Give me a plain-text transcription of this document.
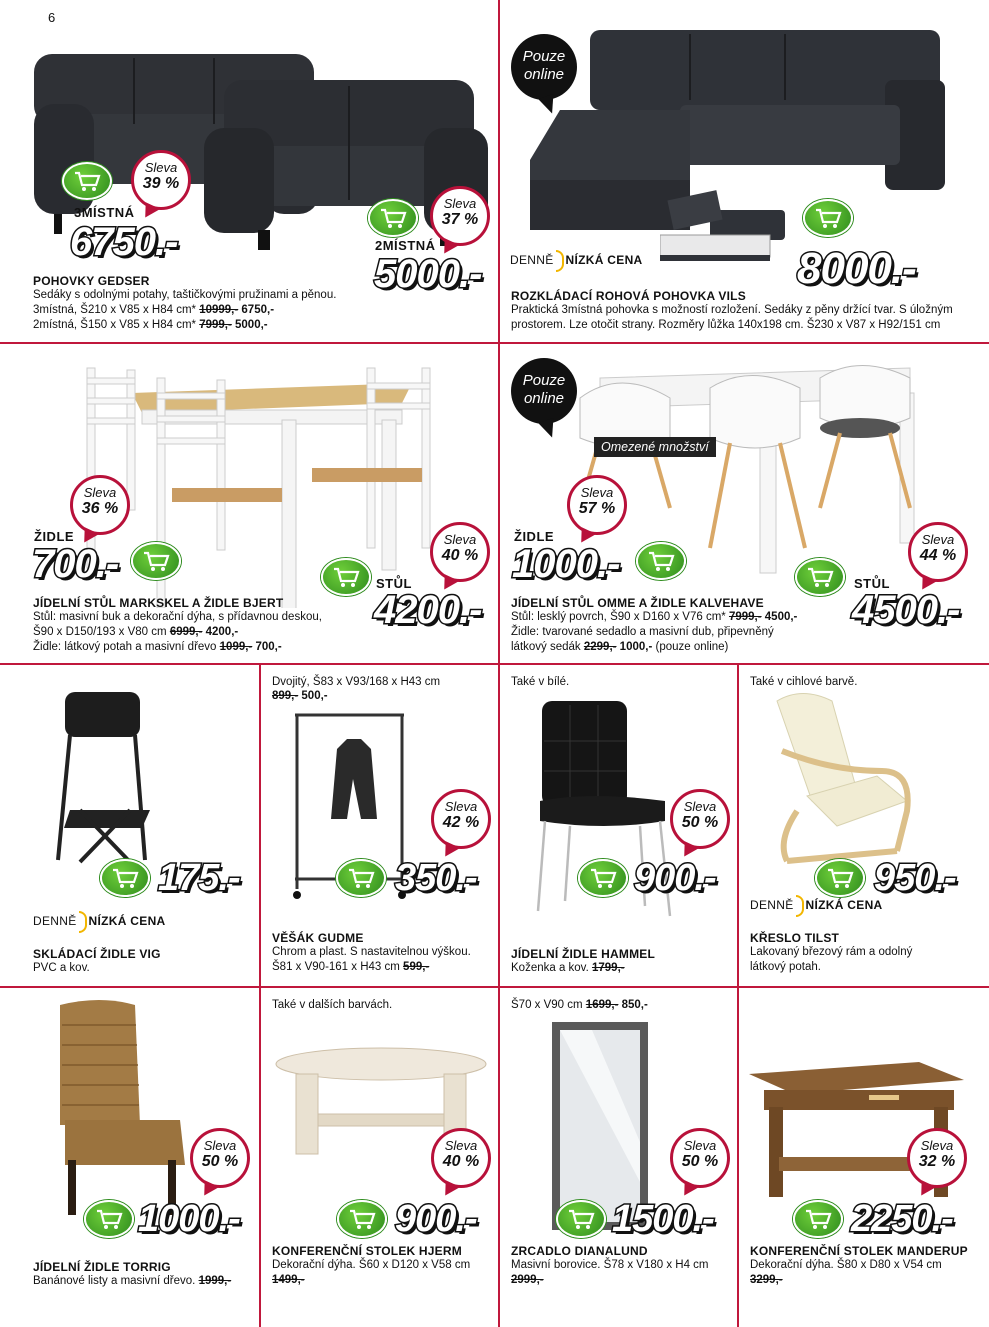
6
Sleva
39 %
3MÍSTNÁ
6750.-
Sleva
37 %
2MÍSTNÁ
5000.-
POHOVKY GEDSER
Sedáky s odolnými potahy, taštičkovými pružinami a pěnou.
3místná, Š210 x V85 x H84 cm* 10999,- 6750,-
2místná, Š150 x V85 x H84 cm* 7999,- 5000,-
Pouze
online
DENNĚ NÍZKÁ CENA	8000.-
ROZKLÁDACÍ ROHOVÁ POHOVKA VILS
Praktická 3místná pohovka s možností rozložení. Sedáky z pěny držící tvar. S úložným prostorem. Lze otočit strany. Rozměry lůžka 140x198 cm. Š230 x V87 x H92/151 cm
Sleva
36 %
ŽIDLE
700.-
Sleva
40 %
STŮL
4200.-
JÍDELNÍ STŮL MARKSKEL A ŽIDLE BJERT
Stůl: masivní buk a dekorační dýha, s přídavnou deskou,
Š90 x D150/193 x V80 cm 6999,- 4200,-
Židle: látkový potah a masivní dřevo 1099,- 700,-
Pouze
online
Omezené množství
Sleva
57 %
ŽIDLE
1000.-
Sleva
44 %
STŮL
4500.-
JÍDELNÍ STŮL OMME A ŽIDLE KALVEHAVE
Stůl: lesklý povrch, Š90 x D160 x V76 cm* 7999,- 4500,-
Židle: tvarované sedadlo a masivní dub, připevněný
látkový sedák 2299,- 1000,- (pouze online)
175.-
DENNĚ NÍZKÁ CENA
SKLÁDACÍ ŽIDLE VIG
PVC a kov.
Dvojitý, Š83 x V93/168 x H43 cm
899,- 500,-
Sleva
42 %
350.-
VĚŠÁK GUDME
Chrom a plast. S nastavitelnou výškou.
Š81 x V90-161 x H43 cm 599,-
Také v bílé.
Sleva
50 %
900.-
JÍDELNÍ ŽIDLE HAMMEL
Koženka a kov. 1799,-
Také v cihlové barvě.
950.-
DENNĚ NÍZKÁ CENA
KŘESLO TILST
Lakovaný březový rám a odolný
látkový potah.
Sleva
50 %
1000.-
JÍDELNÍ ŽIDLE TORRIG
Banánové listy a masivní dřevo. 1999,-
Také v dalších barvách.
Sleva
40 %
900.-
KONFERENČNÍ STOLEK HJERM
Dekorační dýha. Š60 x D120 x V58 cm
1499,-
Š70 x V90 cm 1699,- 850,-
Sleva
50 %
1500.-
ZRCADLO DIANALUND
Masivní borovice. Š78 x V180 x H4 cm
2999,-
Sleva
32 %
2250.-
KONFERENČNÍ STOLEK MANDERUP
Dekorační dýha. Š80 x D80 x V54 cm
3299,-
